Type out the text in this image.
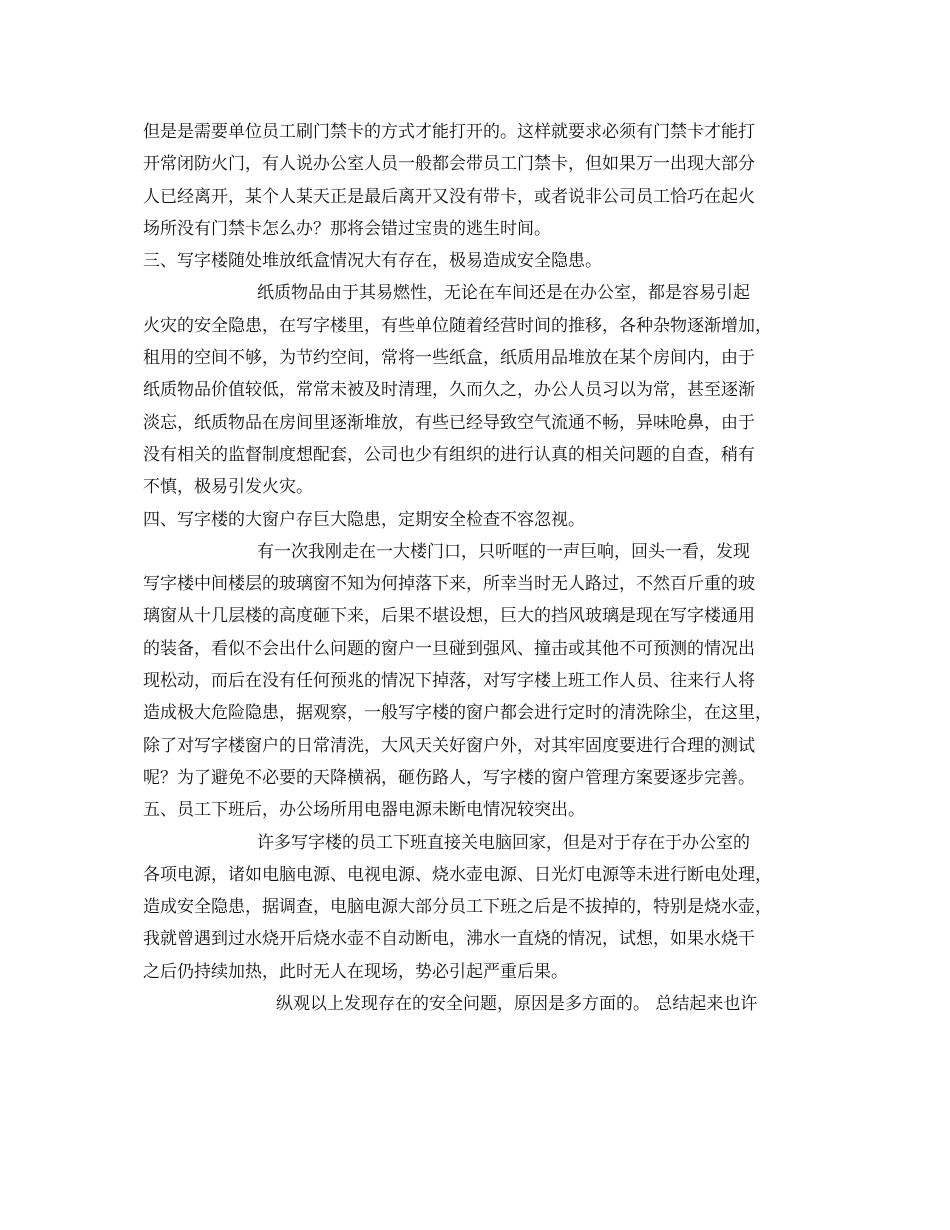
但是是需要单位员工刷门禁卡的方式才能打开的。这样就要求必须有门禁卡才能打
开常闭防火门，有人说办公室人员一般都会带员工门禁卡，但如果万一出现大部分
人已经离开，某个人某天正是最后离开又没有带卡，或者说非公司员工恰巧在起火
场所没有门禁卡怎么办？那将会错过宝贵的逃生时间。
三、写字楼随处堆放纸盒情况大有存在，极易造成安全隐患。
纸质物品由于其易燃性，无论在车间还是在办公室，都是容易引起
火灾的安全隐患，在写字楼里，有些单位随着经营时间的推移，各种杂物逐渐增加，
租用的空间不够，为节约空间，常将一些纸盒，纸质用品堆放在某个房间内，由于
纸质物品价值较低，常常未被及时清理，久而久之，办公人员习以为常，甚至逐渐
淡忘，纸质物品在房间里逐渐堆放，有些已经导致空气流通不畅，异味呛鼻，由于
没有相关的监督制度想配套，公司也少有组织的进行认真的相关问题的自查，稍有
不慎，极易引发火灾。
四、写字楼的大窗户存巨大隐患，定期安全检查不容忽视。
有一次我刚走在一大楼门口，只听哐的一声巨响，回头一看，发现
写字楼中间楼层的玻璃窗不知为何掉落下来，所幸当时无人路过，不然百斤重的玻
璃窗从十几层楼的高度砸下来，后果不堪设想，巨大的挡风玻璃是现在写字楼通用
的装备，看似不会出什么问题的窗户一旦碰到强风、撞击或其他不可预测的情况出
现松动，而后在没有任何预兆的情况下掉落，对写字楼上班工作人员、往来行人将
造成极大危险隐患，据观察，一般写字楼的窗户都会进行定时的清洗除尘，在这里，
除了对写字楼窗户的日常清洗，大风天关好窗户外，对其牢固度要进行合理的测试
呢？为了避免不必要的天降横祸，砸伤路人，写字楼的窗户管理方案要逐步完善。
五、员工下班后，办公场所用电器电源未断电情况较突出。
许多写字楼的员工下班直接关电脑回家，但是对于存在于办公室的
各项电源，诸如电脑电源、电视电源、烧水壶电源、日光灯电源等未进行断电处理，
造成安全隐患，据调查，电脑电源大部分员工下班之后是不拔掉的，特别是烧水壶，
我就曾遇到过水烧开后烧水壶不自动断电，沸水一直烧的情况，试想，如果水烧干
之后仍持续加热，此时无人在现场，势必引起严重后果。
纵观以上发现存在的安全问题，原因是多方面的。 总结起来也许
